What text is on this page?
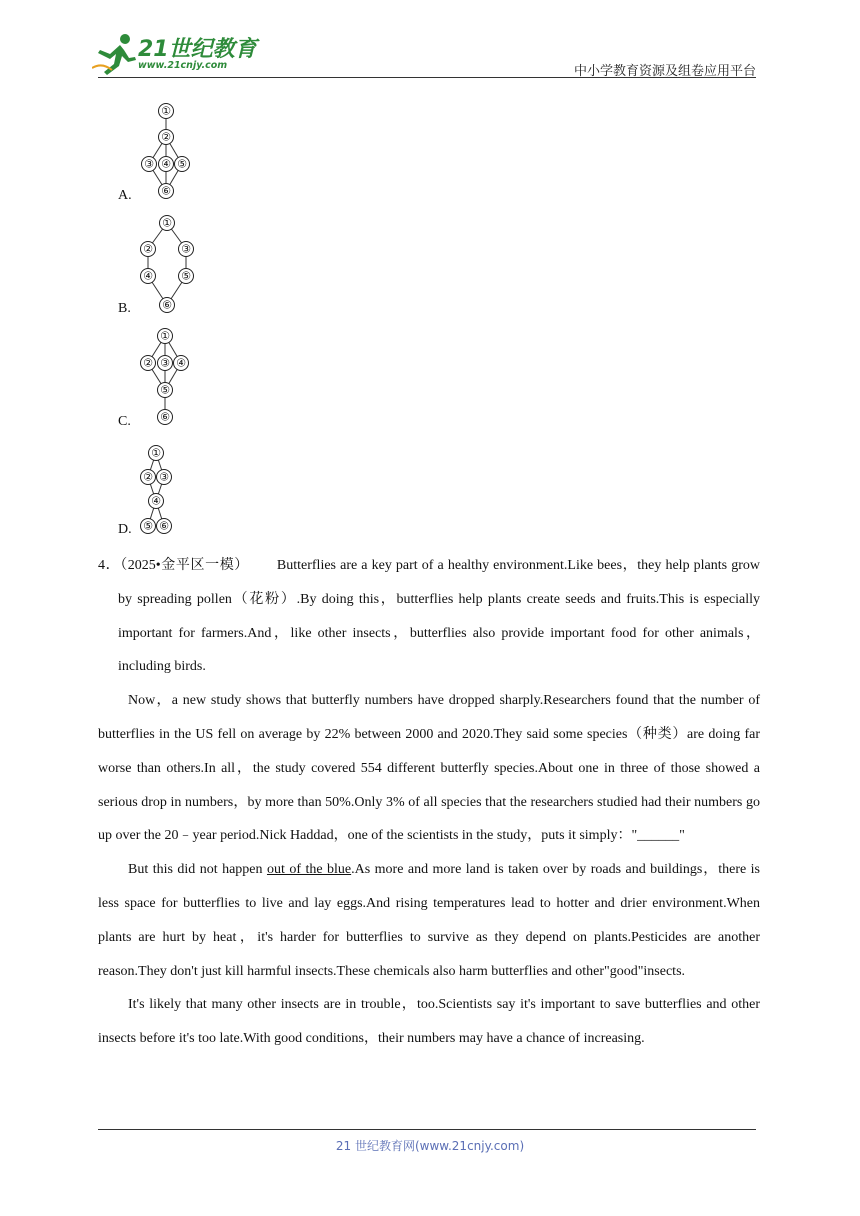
21世纪教育
www.21cnjy.com	中小学教育资源及组卷应用平台
①
②
③ ④ ⑤
⑥
A.
①
②	③
④	⑤
⑥
B.
①
② ③ ④
⑤
⑥
C.
①
② ③
④
⑤ ⑥
D.

4．（2025•金平区一模） Butterflies are a key part of a healthy environment.Like bees，they help plants grow by spreading pollen（花粉）.By doing this，butterflies help plants create seeds and fruits.This is especially important for farmers.And，like other insects，butterflies also provide important food for other animals，including birds.

Now，a new study shows that butterfly numbers have dropped sharply.Researchers found that the number of butterflies in the US fell on average by 22% between 2000 and 2020.They said some species（种类）are doing far worse than others.In all，the study covered 554 different butterfly species.About one in three of those showed a serious drop in numbers，by more than 50%.Only 3% of all species that the researchers studied had their numbers go up over the 20﹣year period.Nick Haddad，one of the scientists in the study，puts it simply："______"

But this did not happen out of the blue.As more and more land is taken over by roads and buildings，there is less space for butterflies to live and lay eggs.And rising temperatures lead to hotter and drier environment.When plants are hurt by heat，it's harder for butterflies to survive as they depend on plants.Pesticides are another reason.They don't just kill harmful insects.These chemicals also harm butterflies and other"good"insects.

It's likely that many other insects are in trouble，too.Scientists say it's important to save butterflies and other insects before it's too late.With good conditions，their numbers may have a chance of increasing.

21 世纪教育网(www.21cnjy.com)
